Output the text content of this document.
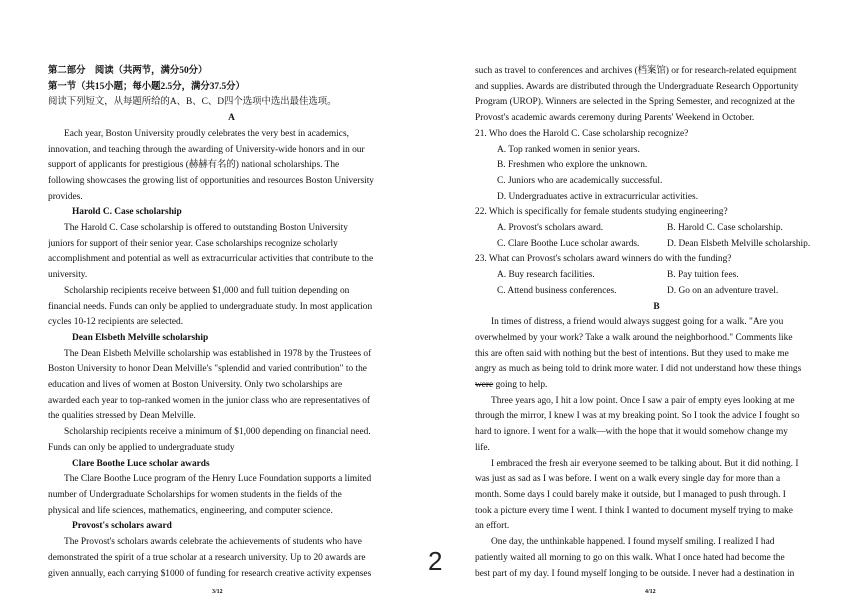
第二部分　阅读（共两节，满分50分）
第一节（共15小题；每小题2.5分，满分37.5分）
阅读下列短文，从每题所给的A、B、C、D四个选项中选出最佳选项。
A
Each year, Boston University proudly celebrates the very best in academics,
innovation, and teaching through the awarding of University-wide honors and in our
support of applicants for prestigious (赫赫有名的) national scholarships. The
following showcases the growing list of opportunities and resources Boston University
provides.
Harold C. Case scholarship
The Harold C. Case scholarship is offered to outstanding Boston University
juniors for support of their senior year. Case scholarships recognize scholarly
accomplishment and potential as well as extracurricular activities that contribute to the
university.
Scholarship recipients receive between $1,000 and full tuition depending on
financial needs. Funds can only be applied to undergraduate study. In most application
cycles 10-12 recipients are selected.
Dean Elsbeth Melville scholarship
The Dean Elsbeth Melville scholarship was established in 1978 by the Trustees of
Boston University to honor Dean Melville's "splendid and varied contribution" to the
education and lives of women at Boston University. Only two scholarships are
awarded each year to top-ranked women in the junior class who are representatives of
the qualities stressed by Dean Melville.
Scholarship recipients receive a minimum of $1,000 depending on financial need.
Funds can only be applied to undergraduate study
Clare Boothe Luce scholar awards
The Clare Boothe Luce program of the Henry Luce Foundation supports a limited
number of Undergraduate Scholarships for women students in the fields of the
physical and life sciences, mathematics, engineering, and computer science.
Provost's scholars award
The Provost's scholars awards celebrate the achievements of students who have
demonstrated the spirit of a true scholar at a research university. Up to 20 awards are
given annually, each carrying $1000 of funding for research creative activity expenses
3/12
2
such as travel to conferences and archives (档案馆) or for research-related equipment
and supplies. Awards are distributed through the Undergraduate Research Opportunity
Program (UROP). Winners are selected in the Spring Semester, and recognized at the
Provost's academic awards ceremony during Parents' Weekend in October.
21. Who does the Harold C. Case scholarship recognize?
A. Top ranked women in senior years.
B. Freshmen who explore the unknown.
C. Juniors who are academically successful.
D. Undergraduates active in extracurricular activities.
22. Which is specifically for female students studying engineering?
A. Provost's scholars award.	B. Harold C. Case scholarship.
C. Clare Boothe Luce scholar awards.	D. Dean Elsbeth Melville scholarship.
23. What can Provost's scholars award winners do with the funding?
A. Buy research facilities.	B. Pay tuition fees.
C. Attend business conferences.	D. Go on an adventure travel.
B
In times of distress, a friend would always suggest going for a walk. "Are you
overwhelmed by your work? Take a walk around the neighborhood." Comments like
this are often said with nothing but the best of intentions. But they used to make me
angry as much as being told to drink more water. I did not understand how these things
were going to help.
Three years ago, I hit a low point. Once I saw a pair of empty eyes looking at me
through the mirror, I knew I was at my breaking point. So I took the advice I fought so
hard to ignore. I went for a walk—with the hope that it would somehow change my
life.
I embraced the fresh air everyone seemed to be talking about. But it did nothing. I
was just as sad as I was before. I went on a walk every single day for more than a
month. Some days I could barely make it outside, but I managed to push through. I
took a picture every time I went. I think I wanted to document myself trying to make
an effort.
One day, the unthinkable happened. I found myself smiling. I realized I had
patiently waited all morning to go on this walk. What I once hated had become the
best part of my day. I found myself longing to be outside. I never had a destination in
4/12
